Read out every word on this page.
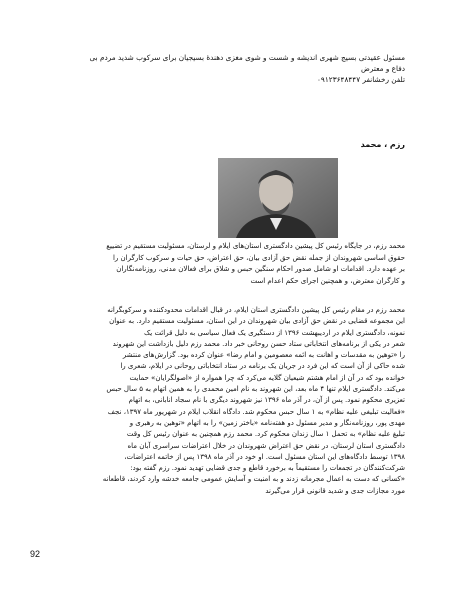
مسئول عقیدتی بسیج شهری اندیشه و شست و شوی مغزی دهندهٔ بسیجیان برای سرکوب شدید مردم بی
دفاع و معترض
تلفن رخشانفر ۰۹۱۲۳۶۴۸۴۴۷
رزم ، محمد
محمد رزم، در جایگاه رئیس کل پیشین دادگستری استان‌های ایلام و لرستان، مسئولیت مستقیم در تضییع
حقوق اساسی شهروندان از جمله نقض حق آزادی بیان، حق اعتراض، حق حیات و سرکوب کارگران را
بر عهده دارد. اقدامات او شامل صدور احکام سنگین حبس و شلاق برای فعالان مدنی، روزنامه‌نگاران
و کارگران معترض، و همچنین اجرای حکم اعدام است
محمد رزم در مقام رئیس کل پیشین دادگستری استان ایلام، در قبال اقدامات محدودکننده و سرکوبگرانه
این مجموعه قضایی در نقض حق آزادی بیان شهروندان در این استان، مسئولیت مستقیم دارد. به عنوان
نمونه، دادگستری ایلام در اردیبهشت ۱۳۹۶ از دستگیری یک فعال سیاسی به دلیل قرائت یک
شعر در یکی از برنامه‌های انتخاباتی ستاد حسن روحانی خبر داد. محمد رزم دلیل بازداشت این شهروند
را «توهین به مقدسات و اهانت به ائمه معصومین و امام رضا» عنوان کرده بود. گزارش‌های منتشر
شده حاکی از آن است که این فرد در جریان یک برنامه در ستاد انتخاباتی روحانی در ایلام، شعری را
خوانده بود که در آن از امام هشتم شیعیان گلایه می‌کرد که چرا همواره از «اصولگرایان» حمایت
می‌کند. دادگستری ایلام تنها ۴ ماه بعد، این شهروند به نام امین محمدی را به همین اتهام به ۵ سال حبس
تعزیری محکوم نمود. پس از آن، در آذر ماه ۱۳۹۶ نیز شهروند دیگری با نام سجاد انابانی، به اتهام
«فعالیت تبلیغی علیه نظام» به ۱ سال حبس محکوم شد. دادگاه انقلاب ایلام در شهریور ماه ۱۳۹۷، نجف
مهدی پور، روزنامه‌نگار و مدیر مسئول دو هفته‌نامه «باختر زمین» را به اتهام «توهین به رهبری و
تبلیغ علیه نظام» به تحمل ۱ سال زندان محکوم کرد. محمد رزم همچنین به عنوان رئیس کل وقت
دادگستری استان لرستان، در نقض حق اعتراض شهروندان در خلال اعتراضات سراسری آبان ماه
۱۳۹۸ توسط دادگاه‌های این استان مسئول است. او خود در آذر ماه ۱۳۹۸ پس از خاتمه اعتراضات،
شرکت‌کنندگان در تجمعات را مستقیماً به برخورد قاطع و جدی قضایی تهدید نمود. رزم گفته بود:
«کسانی که دست به اعمال مجرمانه زدند و به امنیت و آسایش عمومی جامعه خدشه وارد کردند، قاطعانه
مورد مجازات جدی و شدید قانونی قرار می‌گیرند
92
